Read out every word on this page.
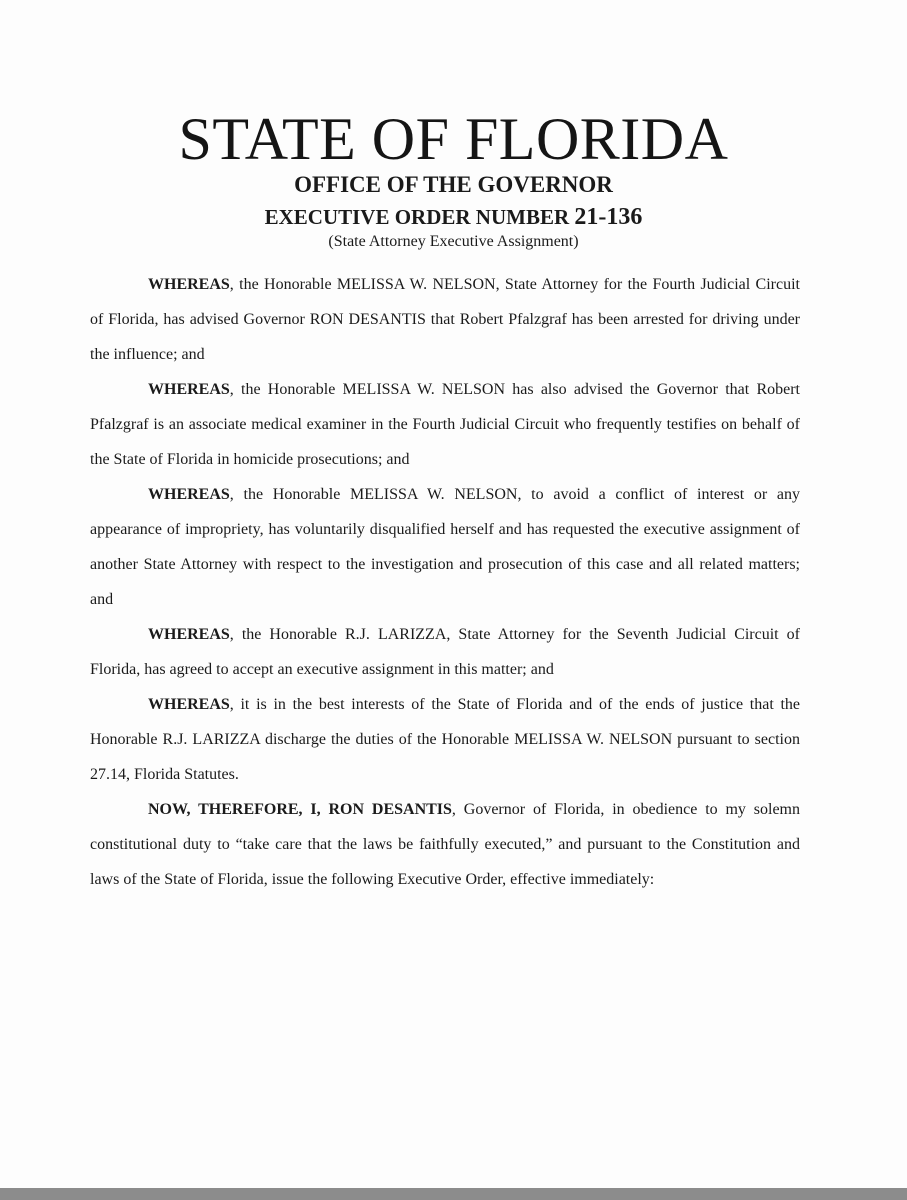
STATE OF FLORIDA
OFFICE OF THE GOVERNOR
EXECUTIVE ORDER NUMBER 21-136
(State Attorney Executive Assignment)

WHEREAS, the Honorable MELISSA W. NELSON, State Attorney for the Fourth Judicial Circuit of Florida, has advised Governor RON DESANTIS that Robert Pfalzgraf has been arrested for driving under the influence; and

WHEREAS, the Honorable MELISSA W. NELSON has also advised the Governor that Robert Pfalzgraf is an associate medical examiner in the Fourth Judicial Circuit who frequently testifies on behalf of the State of Florida in homicide prosecutions; and

WHEREAS, the Honorable MELISSA W. NELSON, to avoid a conflict of interest or any appearance of impropriety, has voluntarily disqualified herself and has requested the executive assignment of another State Attorney with respect to the investigation and prosecution of this case and all related matters; and

WHEREAS, the Honorable R.J. LARIZZA, State Attorney for the Seventh Judicial Circuit of Florida, has agreed to accept an executive assignment in this matter; and

WHEREAS, it is in the best interests of the State of Florida and of the ends of justice that the Honorable R.J. LARIZZA discharge the duties of the Honorable MELISSA W. NELSON pursuant to section 27.14, Florida Statutes.

NOW, THEREFORE, I, RON DESANTIS, Governor of Florida, in obedience to my solemn constitutional duty to “take care that the laws be faithfully executed,” and pursuant to the Constitution and laws of the State of Florida, issue the following Executive Order, effective immediately:
